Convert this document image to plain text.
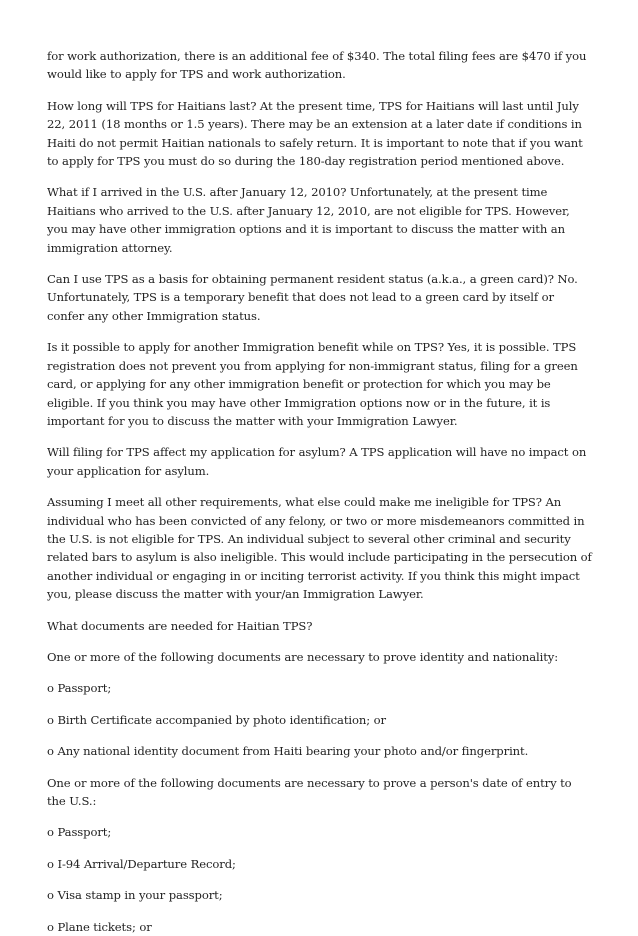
for work authorization, there is an additional fee of $340. The total filing fees are $470 if you would like to apply for TPS and work authorization.

How long will TPS for Haitians last? At the present time, TPS for Haitians will last until July 22, 2011 (18 months or 1.5 years). There may be an extension at a later date if conditions in Haiti do not permit Haitian nationals to safely return. It is important to note that if you want to apply for TPS you must do so during the 180-day registration period mentioned above.

What if I arrived in the U.S. after January 12, 2010? Unfortunately, at the present time Haitians who arrived to the U.S. after January 12, 2010, are not eligible for TPS. However, you may have other immigration options and it is important to discuss the matter with an immigration attorney.

Can I use TPS as a basis for obtaining permanent resident status (a.k.a., a green card)? No. Unfortunately, TPS is a temporary benefit that does not lead to a green card by itself or confer any other Immigration status.

Is it possible to apply for another Immigration benefit while on TPS? Yes, it is possible. TPS registration does not prevent you from applying for non-immigrant status, filing for a green card, or applying for any other immigration benefit or protection for which you may be eligible. If you think you may have other Immigration options now or in the future, it is important for you to discuss the matter with your Immigration Lawyer.

Will filing for TPS affect my application for asylum? A TPS application will have no impact on your application for asylum.

Assuming I meet all other requirements, what else could make me ineligible for TPS? An individual who has been convicted of any felony, or two or more misdemeanors committed in the U.S. is not eligible for TPS. An individual subject to several other criminal and security related bars to asylum is also ineligible. This would include participating in the persecution of another individual or engaging in or inciting terrorist activity. If you think this might impact you, please discuss the matter with your/an Immigration Lawyer.

What documents are needed for Haitian TPS?

One or more of the following documents are necessary to prove identity and nationality:

o Passport;

o Birth Certificate accompanied by photo identification; or

o Any national identity document from Haiti bearing your photo and/or fingerprint.

One or more of the following documents are necessary to prove a person's date of entry to the U.S.:

o Passport;

o I-94 Arrival/Departure Record;

o Visa stamp in your passport;

o Plane tickets; or
